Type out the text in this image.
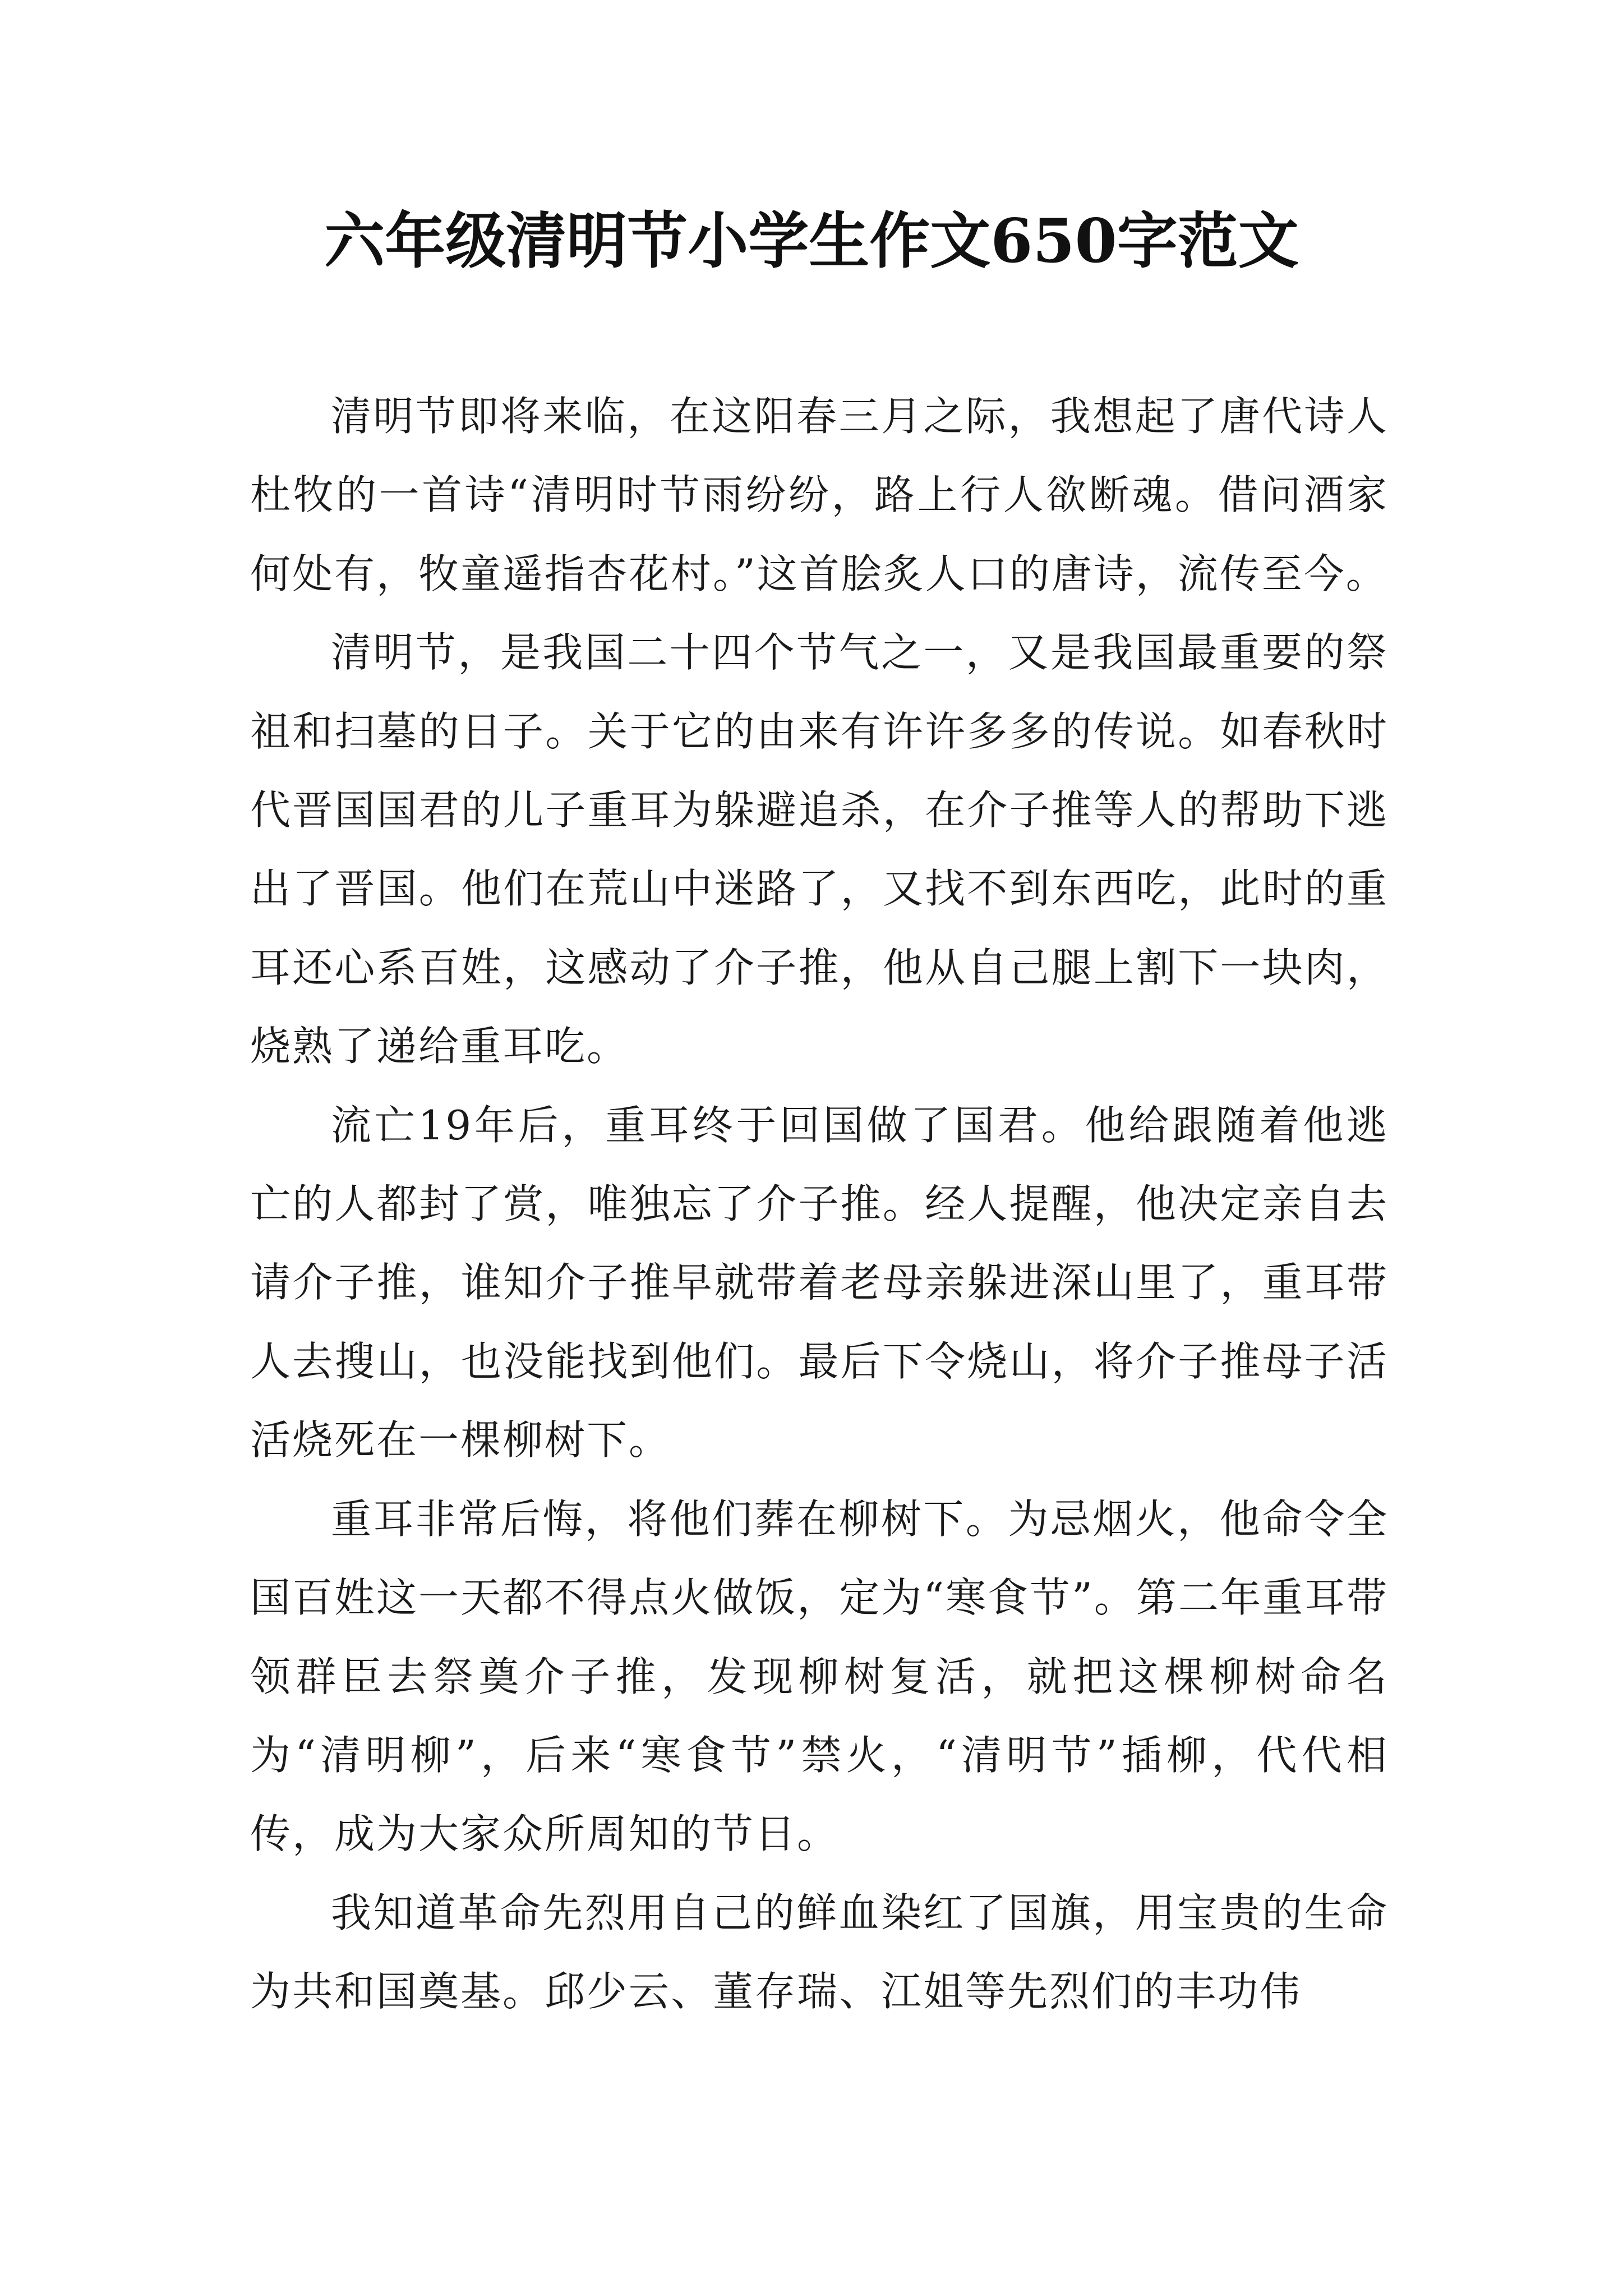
六年级清明节小学生作文650字范文

清明节即将来临，在这阳春三月之际，我想起了唐代诗人杜牧的一首诗“清明时节雨纷纷，路上行人欲断魂。借问酒家何处有，牧童遥指杏花村。”这首脍炙人口的唐诗，流传至今。

清明节，是我国二十四个节气之一，又是我国最重要的祭祖和扫墓的日子。关于它的由来有许许多多的传说。如春秋时代晋国国君的儿子重耳为躲避追杀，在介子推等人的帮助下逃出了晋国。他们在荒山中迷路了，又找不到东西吃，此时的重耳还心系百姓，这感动了介子推，他从自己腿上割下一块肉，烧熟了递给重耳吃。

流亡19年后，重耳终于回国做了国君。他给跟随着他逃亡的人都封了赏，唯独忘了介子推。经人提醒，他决定亲自去请介子推，谁知介子推早就带着老母亲躲进深山里了，重耳带人去搜山，也没能找到他们。最后下令烧山，将介子推母子活活烧死在一棵柳树下。

重耳非常后悔，将他们葬在柳树下。为忌烟火，他命令全国百姓这一天都不得点火做饭，定为“寒食节”。第二年重耳带领群臣去祭奠介子推，发现柳树复活，就把这棵柳树命名为“清明柳”，后来“寒食节”禁火，“清明节”插柳，代代相传，成为大家众所周知的节日。

我知道革命先烈用自己的鲜血染红了国旗，用宝贵的生命为共和国奠基。邱少云、董存瑞、江姐等先烈们的丰功伟
